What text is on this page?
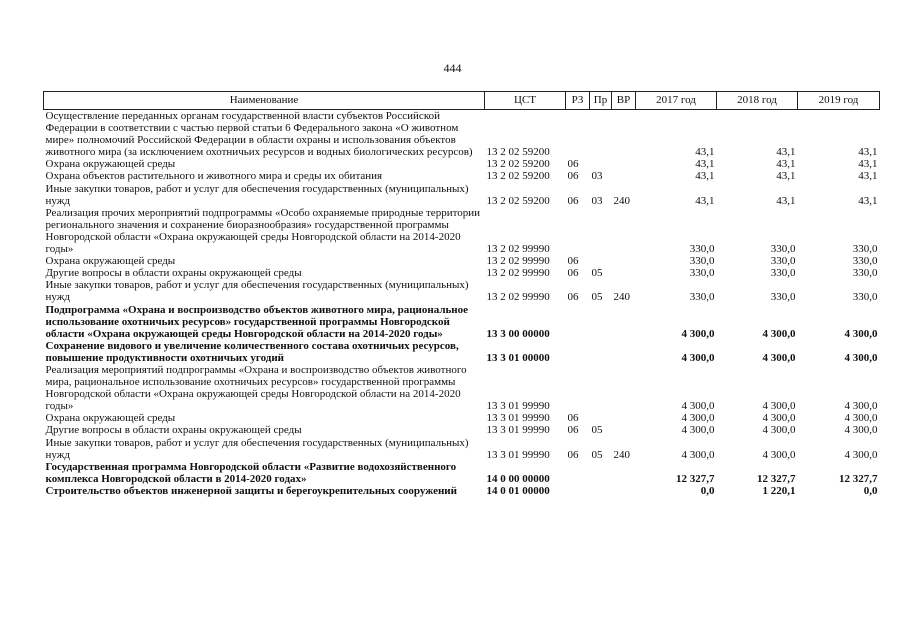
444
Наименование	ЦСТ	РЗ	Пр	ВР	2017 год	2018 год	2019 год
Осуществление переданных органам государственной власти субъектов Российской Федерации в соответствии с частью первой статьи 6 Федерального закона «О животном мире» полномочий Российской Федерации в области охраны и использования объектов животного мира (за исключением охотничьих ресурсов и водных биологических ресурсов)	13 2 02 59200				43,1	43,1	43,1
Охрана окружающей среды	13 2 02 59200	06			43,1	43,1	43,1
Охрана объектов растительного и животного мира и среды их обитания	13 2 02 59200	06	03		43,1	43,1	43,1
Иные закупки товаров, работ и услуг для обеспечения государственных (муниципальных) нужд	13 2 02 59200	06	03	240	43,1	43,1	43,1
Реализация прочих мероприятий подпрограммы «Особо охраняемые природные территории регионального значения и сохранение биоразнообразия» государственной программы Новгородской области «Охрана окружающей среды Новгородской области на 2014-2020 годы»	13 2 02 99990				330,0	330,0	330,0
Охрана окружающей среды	13 2 02 99990	06			330,0	330,0	330,0
Другие вопросы в области охраны окружающей среды	13 2 02 99990	06	05		330,0	330,0	330,0
Иные закупки товаров, работ и услуг для обеспечения государственных (муниципальных) нужд	13 2 02 99990	06	05	240	330,0	330,0	330,0
Подпрограмма «Охрана и воспроизводство объектов животного мира, рациональное использование охотничьих ресурсов» государственной программы Новгородской области «Охрана окружающей среды Новгородской области на 2014-2020 годы»	13 3 00 00000				4 300,0	4 300,0	4 300,0
Сохранение видового и увеличение количественного состава охотничьих ресурсов, повышение продуктивности охотничьих угодий	13 3 01 00000				4 300,0	4 300,0	4 300,0
Реализация мероприятий подпрограммы «Охрана и воспроизводство объектов животного мира, рациональное использование охотничьих ресурсов» государственной программы Новгородской области «Охрана окружающей среды Новгородской области на 2014-2020 годы»	13 3 01 99990				4 300,0	4 300,0	4 300,0
Охрана окружающей среды	13 3 01 99990	06			4 300,0	4 300,0	4 300,0
Другие вопросы в области охраны окружающей среды	13 3 01 99990	06	05		4 300,0	4 300,0	4 300,0
Иные закупки товаров, работ и услуг для обеспечения государственных (муниципальных) нужд	13 3 01 99990	06	05	240	4 300,0	4 300,0	4 300,0
Государственная программа Новгородской области «Развитие водохозяйственного комплекса Новгородской области в 2014-2020 годах»	14 0 00 00000				12 327,7	12 327,7	12 327,7
Строительство объектов инженерной защиты и берегоукрепительных сооружений	14 0 01 00000				0,0	1 220,1	0,0
